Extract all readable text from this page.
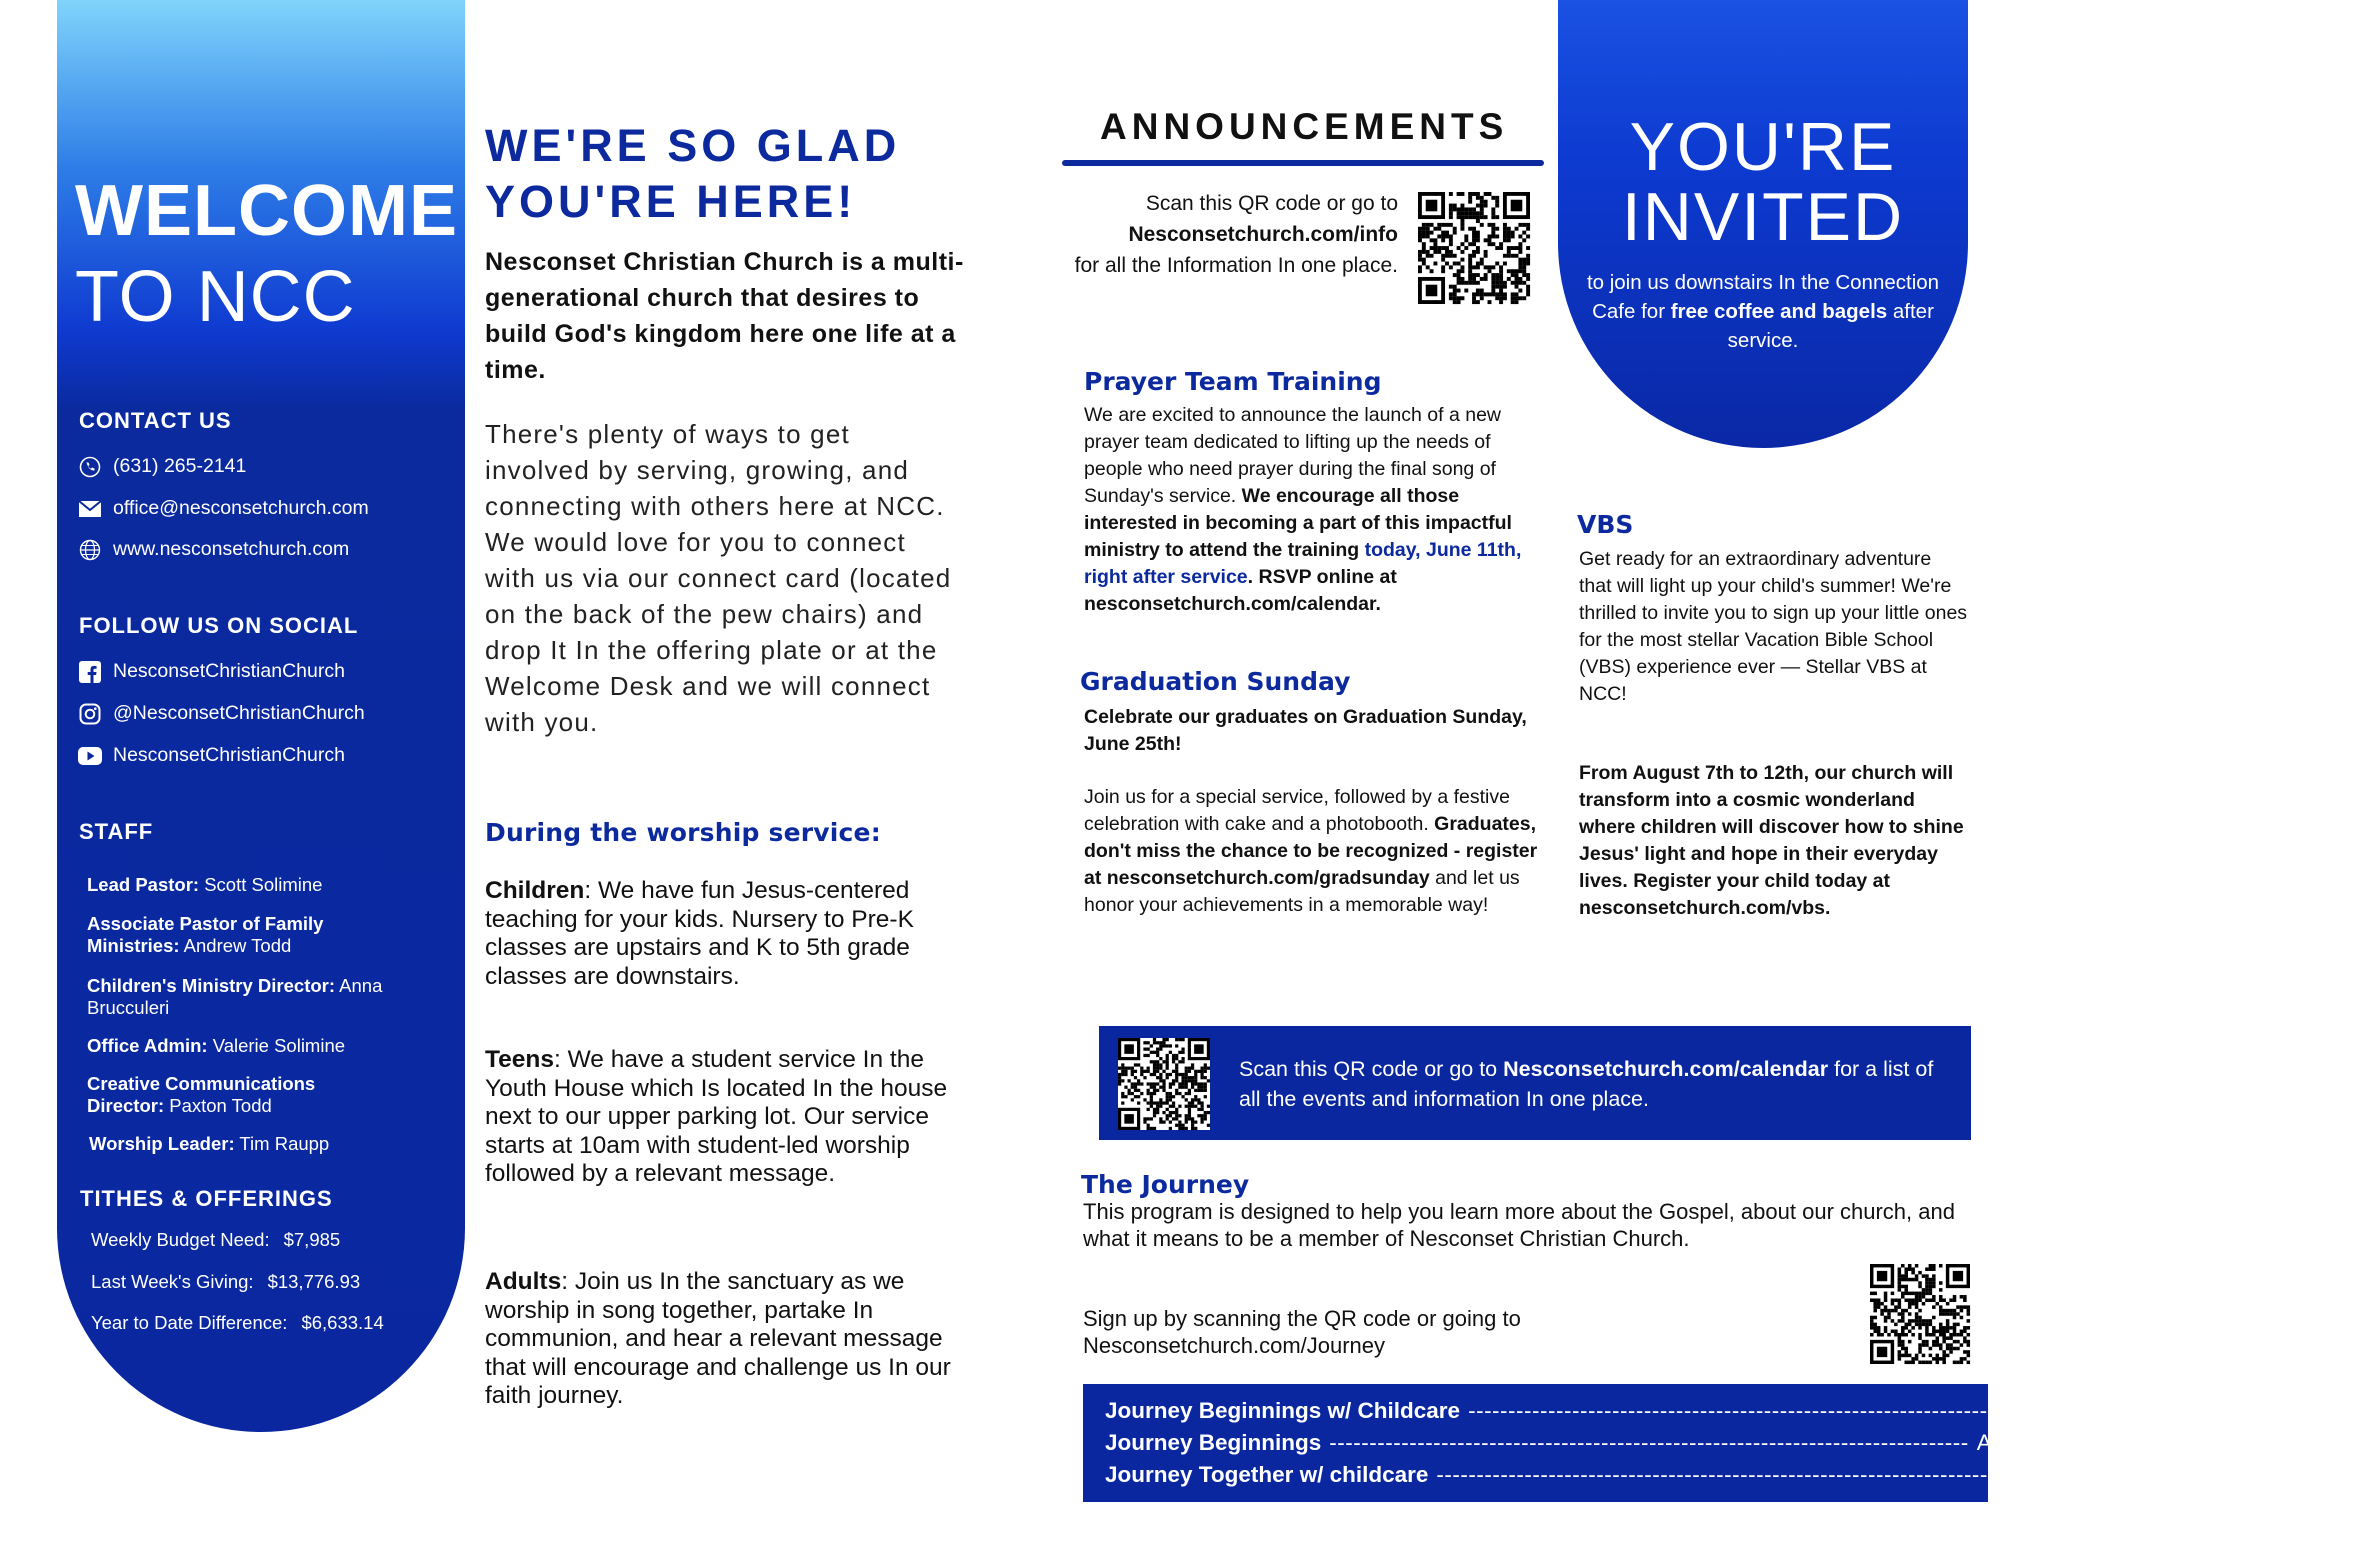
WELCOME
TO NCC
CONTACT US
(631) 265-2141
office@nesconsetchurch.com
www.nesconsetchurch.com
FOLLOW US ON SOCIAL
NesconsetChristianChurch
@NesconsetChristianChurch
NesconsetChristianChurch
STAFF
Lead Pastor: Scott Solimine
Associate Pastor of Family Ministries: Andrew Todd
Children's Ministry Director: Anna Brucculeri
Office Admin: Valerie Solimine
Creative Communications Director: Paxton Todd
Worship Leader: Tim Raupp
TITHES & OFFERINGS
Weekly Budget Need: $7,985
Last Week's Giving: $13,776.93
Year to Date Difference: $6,633.14
WE'RE SO GLAD
YOU'RE HERE!
Nesconset Christian Church is a multi-generational church that desires to build God's kingdom here one life at a time.
There's plenty of ways to get involved by serving, growing, and connecting with others here at NCC. We would love for you to connect with us via our connect card (located on the back of the pew chairs) and drop It In the offering plate or at the Welcome Desk and we will connect with you.
During the worship service:
Children: We have fun Jesus-centered teaching for your kids. Nursery to Pre-K classes are upstairs and K to 5th grade classes are downstairs.
Teens: We have a student service In the Youth House which Is located In the house next to our upper parking lot. Our service starts at 10am with student-led worship followed by a relevant message.
Adults: Join us In the sanctuary as we worship in song together, partake In communion, and hear a relevant message that will encourage and challenge us In our faith journey.
ANNOUNCEMENTS
Scan this QR code or go to
Nesconsetchurch.com/info
for all the Information In one place.
Prayer Team Training
We are excited to announce the launch of a new prayer team dedicated to lifting up the needs of people who need prayer during the final song of Sunday's service. We encourage all those interested in becoming a part of this impactful ministry to attend the training today, June 11th, right after service. RSVP online at nesconsetchurch.com/calendar.
Graduation Sunday
Celebrate our graduates on Graduation Sunday, June 25th!
Join us for a special service, followed by a festive celebration with cake and a photobooth. Graduates, don't miss the chance to be recognized - register at nesconsetchurch.com/gradsunday and let us honor your achievements in a memorable way!
YOU'RE
INVITED
to join us downstairs In the Connection Cafe for free coffee and bagels after service.
VBS
Get ready for an extraordinary adventure that will light up your child's summer! We're thrilled to invite you to sign up your little ones for the most stellar Vacation Bible School (VBS) experience ever — Stellar VBS at NCC!
From August 7th to 12th, our church will transform into a cosmic wonderland where children will discover how to shine Jesus' light and hope in their everyday lives. Register your child today at nesconsetchurch.com/vbs.
Scan this QR code or go to Nesconsetchurch.com/calendar for a list of all the events and information In one place.
The Journey
This program is designed to help you learn more about the Gospel, about our church, and what it means to be a member of Nesconset Christian Church.
Sign up by scanning the QR code or going to Nesconsetchurch.com/Journey
Journey Beginnings w/ Childcare -------------------------------------------------------------------------------- Sunday, July 9th at 1pm
Journey Beginnings -------------------------------------------------------------------------------- August 13th at 1pm
Journey Together w/ childcare -------------------------------------------------------------------------------- September 17th at 1pm
